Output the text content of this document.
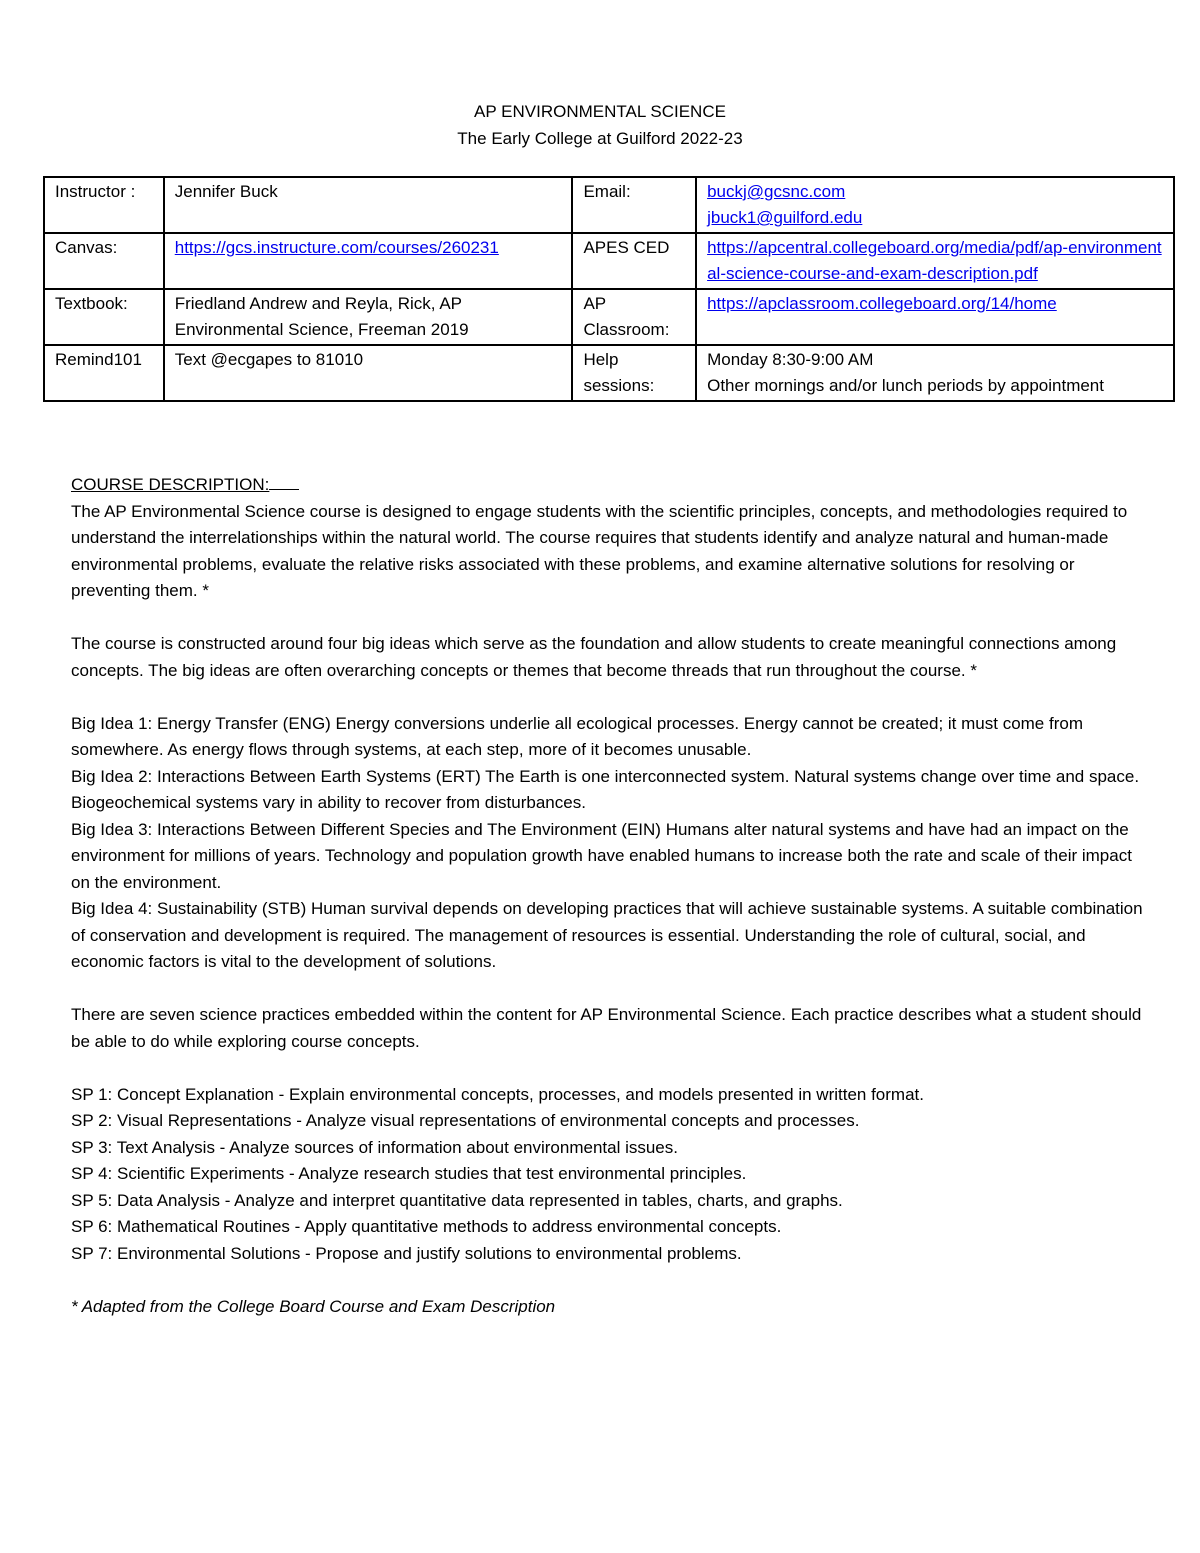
AP ENVIRONMENTAL SCIENCE
The Early College at Guilford 2022-23
Instructor :	Jennifer Buck	Email:	buckj@gcsnc.com
jbuck1@guilford.edu

Canvas:	https://gcs.instructure.com/courses/260231	APES CED	https://apcentral.collegeboard.org/media/pdf/ap-environmental-science-course-and-exam-description.pdf
Textbook:	Friedland Andrew and Reyla, Rick, AP Environmental Science, Freeman 2019	AP Classroom:	https://apclassroom.collegeboard.org/14/home
Remind101	Text @ecgapes to 81010	Help sessions:	Monday 8:30-9:00 AM
Other mornings and/or lunch periods by appointment
COURSE DESCRIPTION:

The AP Environmental Science course is designed to engage students with the scientific principles, concepts, and methodologies required to understand the interrelationships within the natural world. The course requires that students identify and analyze natural and human-made environmental problems, evaluate the relative risks associated with these problems, and examine alternative solutions for resolving or preventing them. *

The course is constructed around four big ideas which serve as the foundation and allow students to create meaningful connections among concepts. The big ideas are often overarching concepts or themes that become threads that run throughout the course. *

Big Idea 1: Energy Transfer (ENG) Energy conversions underlie all ecological processes. Energy cannot be created; it must come from somewhere. As energy flows through systems, at each step, more of it becomes unusable.
Big Idea 2: Interactions Between Earth Systems (ERT) The Earth is one interconnected system. Natural systems change over time and space. Biogeochemical systems vary in ability to recover from disturbances.
Big Idea 3: Interactions Between Different Species and The Environment (EIN) Humans alter natural systems and have had an impact on the environment for millions of years. Technology and population growth have enabled humans to increase both the rate and scale of their impact on the environment.
Big Idea 4: Sustainability (STB) Human survival depends on developing practices that will achieve sustainable systems. A suitable combination of conservation and development is required. The management of resources is essential. Understanding the role of cultural, social, and economic factors is vital to the development of solutions.

There are seven science practices embedded within the content for AP Environmental Science. Each practice describes what a student should be able to do while exploring course concepts.

SP 1: Concept Explanation - Explain environmental concepts, processes, and models presented in written format.
SP 2: Visual Representations - Analyze visual representations of environmental concepts and processes.
SP 3: Text Analysis - Analyze sources of information about environmental issues.
SP 4: Scientific Experiments - Analyze research studies that test environmental principles.
SP 5: Data Analysis - Analyze and interpret quantitative data represented in tables, charts, and graphs.
SP 6: Mathematical Routines - Apply quantitative methods to address environmental concepts.
SP 7: Environmental Solutions - Propose and justify solutions to environmental problems.
* Adapted from the College Board Course and Exam Description
